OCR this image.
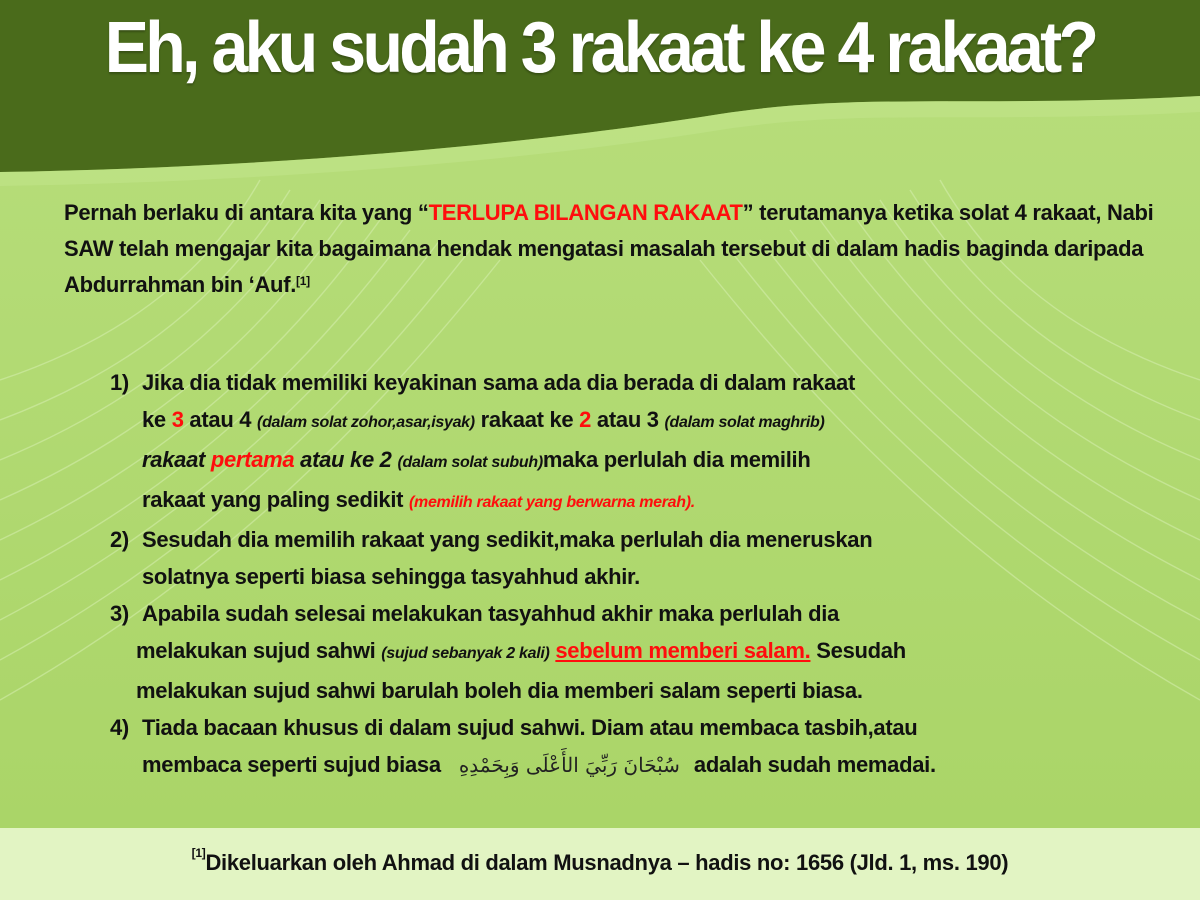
Eh, aku sudah 3 rakaat ke 4 rakaat?
Pernah berlaku di antara kita yang “TERLUPA BILANGAN RAKAAT” terutamanya ketika solat 4 rakaat, Nabi SAW telah mengajar kita bagaimana hendak mengatasi masalah tersebut di dalam hadis baginda daripada Abdurrahman bin ‘Auf.[1]
1) Jika dia tidak memiliki keyakinan sama ada dia berada di dalam rakaat
ke 3 atau 4 (dalam solat zohor,asar,isyak) rakaat ke 2 atau 3 (dalam solat maghrib)
rakaat pertama atau ke 2 (dalam solat subuh)maka perlulah dia memilih
rakaat yang paling sedikit (memilih rakaat yang berwarna merah).
2) Sesudah dia memilih rakaat yang sedikit,maka perlulah dia meneruskan
solatnya seperti biasa sehingga tasyahhud akhir.
3) Apabila sudah selesai melakukan tasyahhud akhir maka perlulah dia
melakukan sujud sahwi (sujud sebanyak 2 kali) sebelum memberi salam. Sesudah
melakukan sujud sahwi barulah boleh dia memberi salam seperti biasa.
4) Tiada bacaan khusus di dalam sujud sahwi. Diam atau membaca tasbih,atau
membaca seperti sujud biasa سُبْحَانَ رَبِّيَ الأَعْلَى وَبِحَمْدِهِ adalah sudah memadai.
[1]Dikeluarkan oleh Ahmad di dalam Musnadnya – hadis no: 1656 (Jld. 1, ms. 190)
